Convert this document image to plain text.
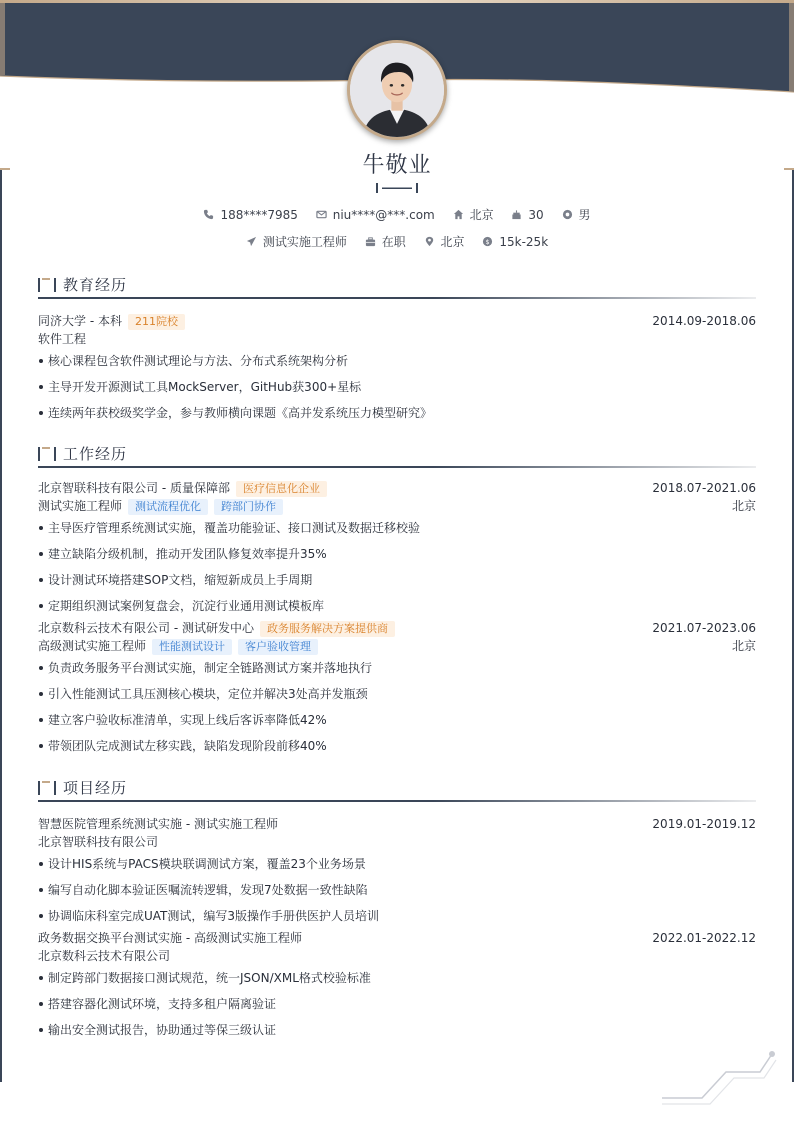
牛敬业
188****7985	niu****@***.com	北京	30	男
测试实施工程师	在职	北京	$ 15k-25k
教育经历
同济大学 - 本科 211院校	2014.09-2018.06
软件工程
核心课程包含软件测试理论与方法、分布式系统架构分析
主导开发开源测试工具MockServer，GitHub获300+星标
连续两年获校级奖学金，参与教师横向课题《高并发系统压力模型研究》
工作经历
北京智联科技有限公司 - 质量保障部 医疗信息化企业	2018.07-2021.06
测试实施工程师 测试流程优化 跨部门协作	北京
主导医疗管理系统测试实施，覆盖功能验证、接口测试及数据迁移校验
建立缺陷分级机制，推动开发团队修复效率提升35%
设计测试环境搭建SOP文档，缩短新成员上手周期
定期组织测试案例复盘会，沉淀行业通用测试模板库
北京数科云技术有限公司 - 测试研发中心 政务服务解决方案提供商	2021.07-2023.06
高级测试实施工程师 性能测试设计 客户验收管理	北京
负责政务服务平台测试实施，制定全链路测试方案并落地执行
引入性能测试工具压测核心模块，定位并解决3处高并发瓶颈
建立客户验收标准清单，实现上线后客诉率降低42%
带领团队完成测试左移实践，缺陷发现阶段前移40%
项目经历
智慧医院管理系统测试实施 - 测试实施工程师	2019.01-2019.12
北京智联科技有限公司
设计HIS系统与PACS模块联调测试方案，覆盖23个业务场景
编写自动化脚本验证医嘱流转逻辑，发现7处数据一致性缺陷
协调临床科室完成UAT测试，编写3版操作手册供医护人员培训
政务数据交换平台测试实施 - 高级测试实施工程师	2022.01-2022.12
北京数科云技术有限公司
制定跨部门数据接口测试规范，统一JSON/XML格式校验标准
搭建容器化测试环境，支持多租户隔离验证
输出安全测试报告，协助通过等保三级认证
